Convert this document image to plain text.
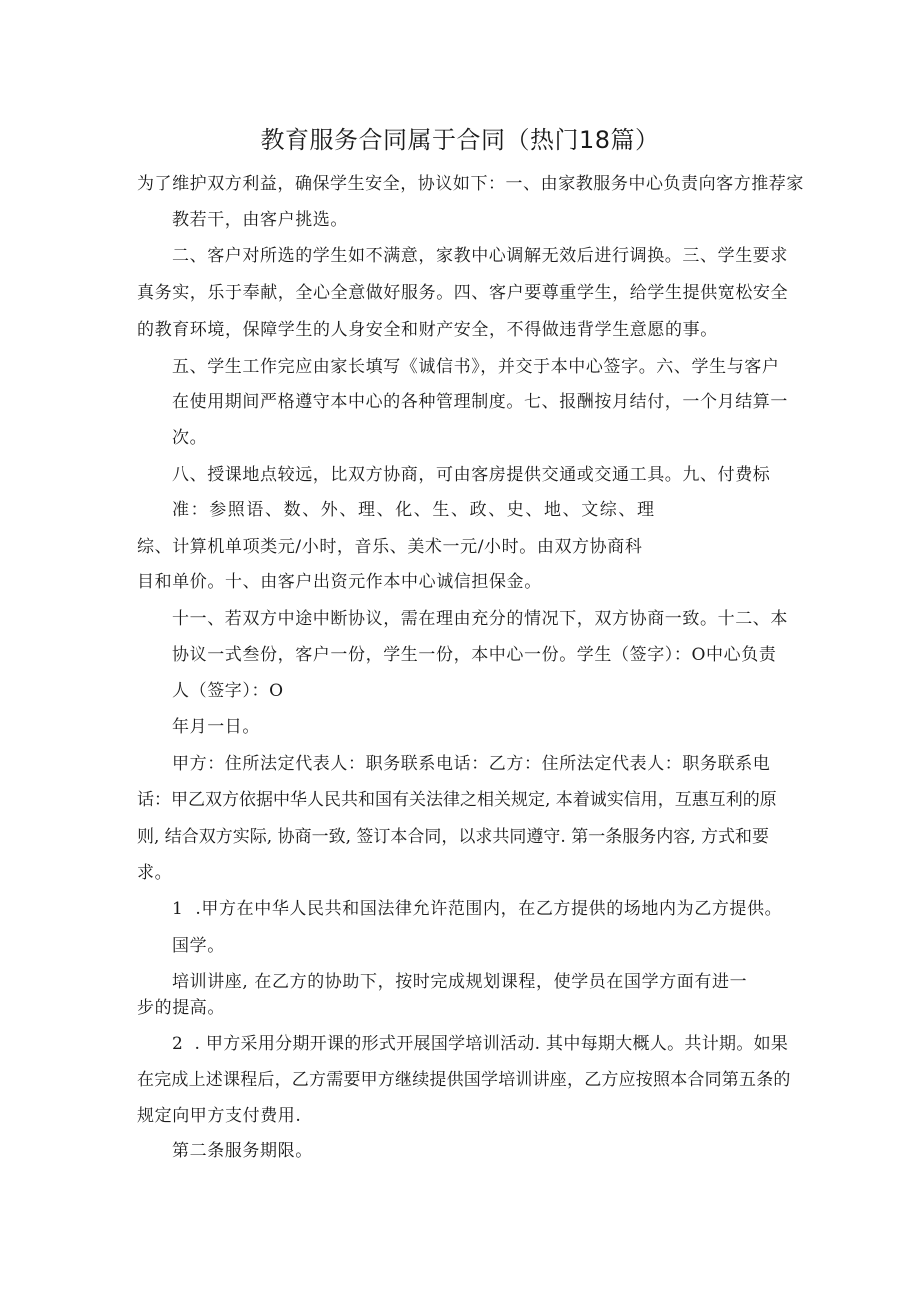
教育服务合同属于合同（热门18篇）
为了维护双方利益，确保学生安全，协议如下：一、由家教服务中心负责向客方推荐家
教若干，由客户挑选。
二、客户对所选的学生如不满意，家教中心调解无效后进行调换。三、学生要求
真务实，乐于奉献，全心全意做好服务。四、客户要尊重学生，给学生提供宽松安全
的教育环境，保障学生的人身安全和财产安全，不得做违背学生意愿的事。
五、学生工作完应由家长填写《诚信书》，并交于本中心签字。六、学生与客户
在使用期间严格遵守本中心的各种管理制度。七、报酬按月结付，一个月结算一
次。
八、授课地点较远，比双方协商，可由客房提供交通或交通工具。九、付费标
准：参照语、数、外、理、化、生、政、史、地、文综、理
综、计算机单项类元/小时，音乐、美术一元/小时。由双方协商科
目和单价。十、由客户出资元作本中心诚信担保金。
十一、若双方中途中断协议，需在理由充分的情况下，双方协商一致。十二、本
协议一式叁份，客户一份，学生一份，本中心一份。学生（签字）：O中心负责
人（签字）：O
年月一日。
甲方：住所法定代表人：职务联系电话：乙方：住所法定代表人：职务联系电
话：甲乙双方依据中华人民共和国有关法律之相关规定, 本着诚实信用，互惠互利的原
则, 结合双方实际, 协商一致, 签订本合同，以求共同遵守. 第一条服务内容, 方式和要
求。
1  .甲方在中华人民共和国法律允许范围内，在乙方提供的场地内为乙方提供。
国学。
培训讲座, 在乙方的协助下，按时完成规划课程，使学员在国学方面有进一
步的提高。
2  . 甲方采用分期开课的形式开展国学培训活动. 其中每期大概人。共计期。如果
在完成上述课程后，乙方需要甲方继续提供国学培训讲座，乙方应按照本合同第五条的
规定向甲方支付费用.
第二条服务期限。
